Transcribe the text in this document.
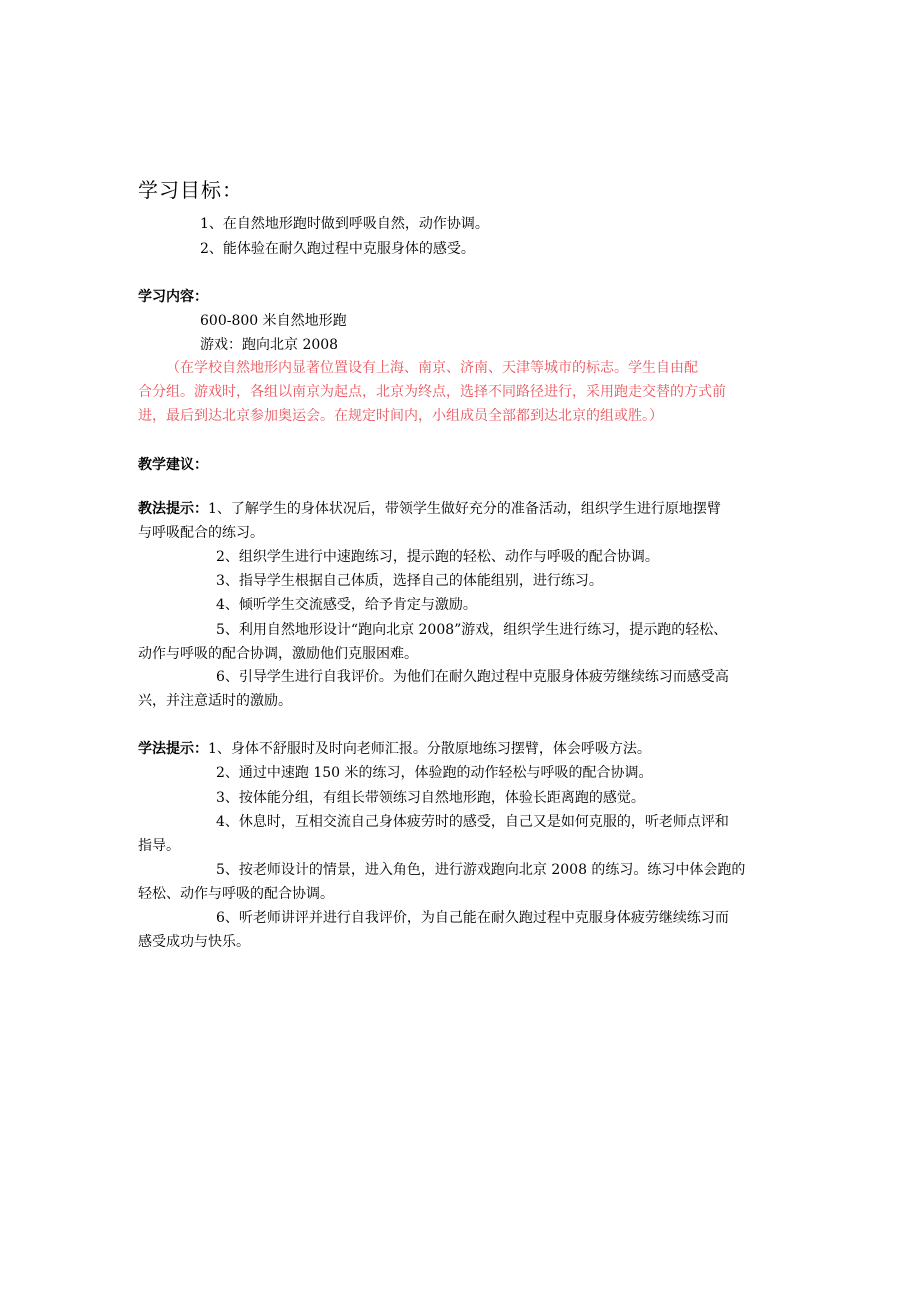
学习目标：
1、在自然地形跑时做到呼吸自然，动作协调。
2、能体验在耐久跑过程中克服身体的感受。
学习内容：
600-800 米自然地形跑
游戏：跑向北京 2008
（在学校自然地形内显著位置设有上海、南京、济南、天津等城市的标志。学生自由配
合分组。游戏时，各组以南京为起点，北京为终点，选择不同路径进行，采用跑走交替的方式前
进，最后到达北京参加奥运会。在规定时间内，小组成员全部都到达北京的组或胜。）
教学建议：
教法提示：1、了解学生的身体状况后，带领学生做好充分的准备活动，组织学生进行原地摆臂
与呼吸配合的练习。
2、组织学生进行中速跑练习，提示跑的轻松、动作与呼吸的配合协调。
3、指导学生根据自己体质，选择自己的体能组别，进行练习。
4、倾听学生交流感受，给予肯定与激励。
5、利用自然地形设计“跑向北京 2008”游戏，组织学生进行练习，提示跑的轻松、
动作与呼吸的配合协调，激励他们克服困难。
6、引导学生进行自我评价。为他们在耐久跑过程中克服身体疲劳继续练习而感受高
兴，并注意适时的激励。
学法提示：1、身体不舒服时及时向老师汇报。分散原地练习摆臂，体会呼吸方法。
2、通过中速跑 150 米的练习，体验跑的动作轻松与呼吸的配合协调。
3、按体能分组，有组长带领练习自然地形跑，体验长距离跑的感觉。
4、休息时，互相交流自己身体疲劳时的感受，自己又是如何克服的，听老师点评和
指导。
5、按老师设计的情景，进入角色，进行游戏跑向北京 2008 的练习。练习中体会跑的
轻松、动作与呼吸的配合协调。
6、听老师讲评并进行自我评价，为自己能在耐久跑过程中克服身体疲劳继续练习而
感受成功与快乐。
